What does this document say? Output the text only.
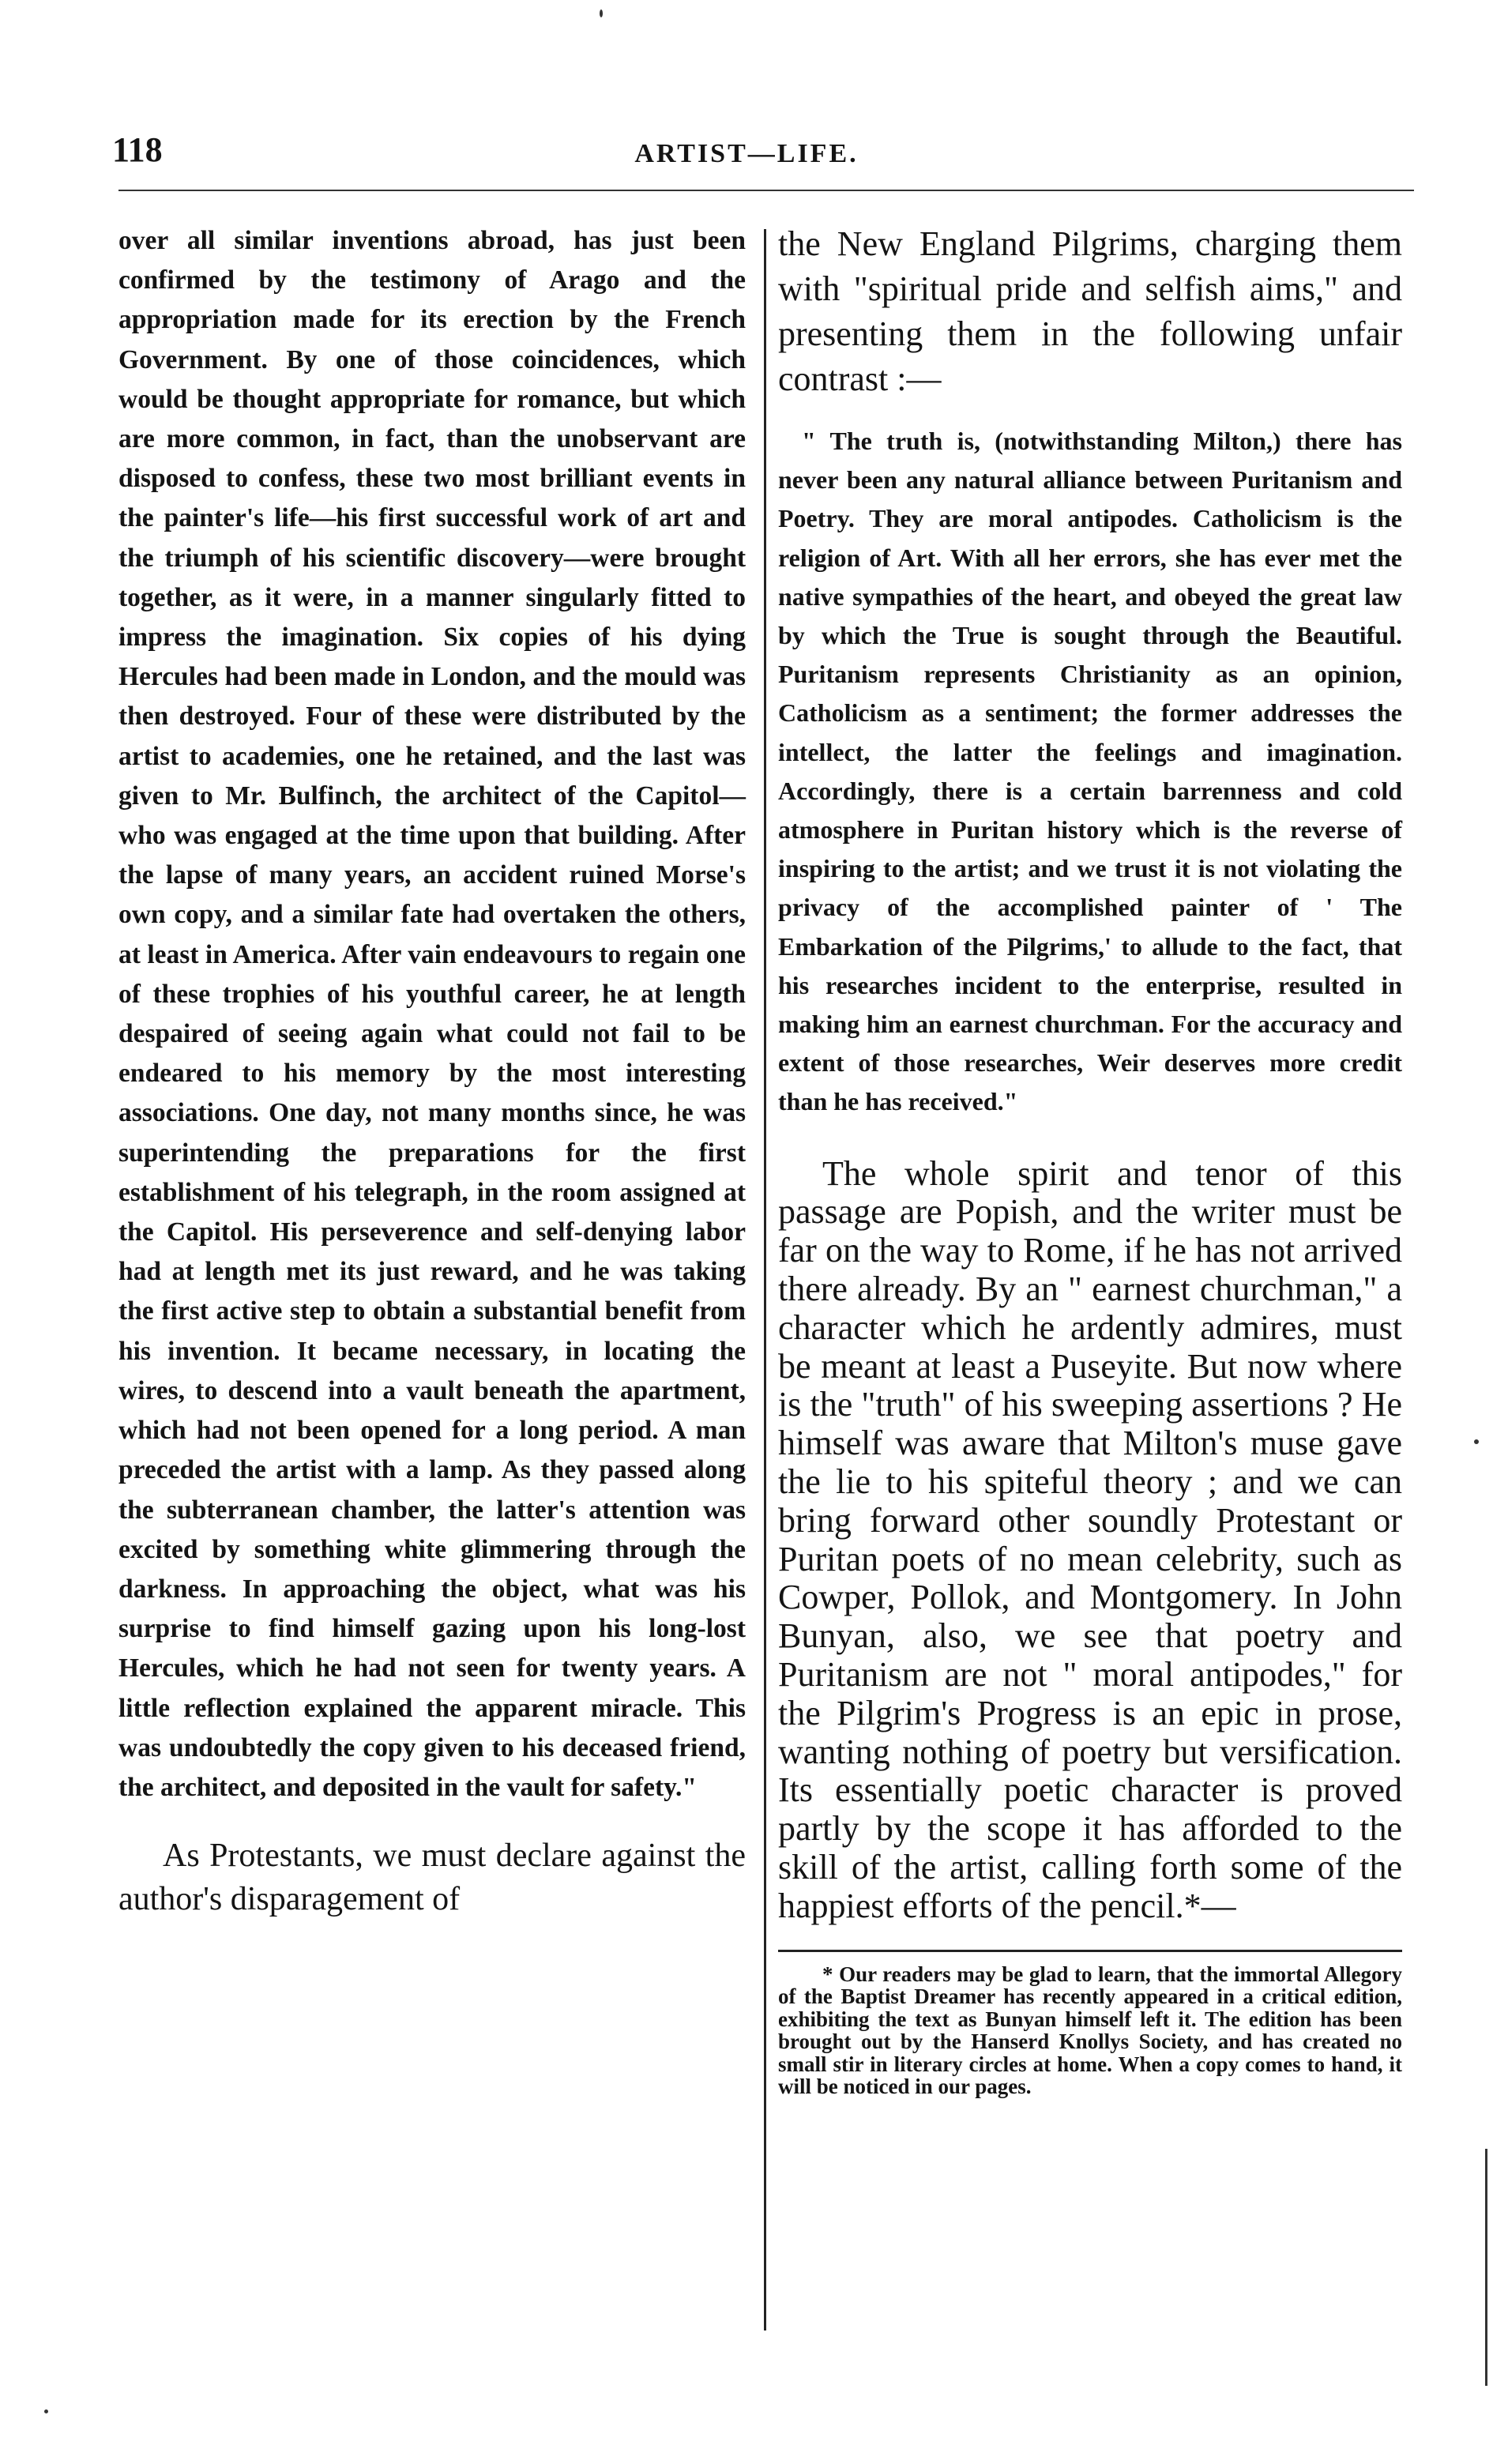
118	ARTIST—LIFE.

over all similar inventions abroad, has just been confirmed by the testimony of Arago and the appropriation made for its erection by the French Government. By one of those coincidences, which would be thought appropriate for romance, but which are more common, in fact, than the unobservant are disposed to confess, these two most brilliant events in the painter's life—his first successful work of art and the triumph of his scientific discovery—were brought together, as it were, in a manner singularly fitted to impress the imagination. Six copies of his dying Hercules had been made in London, and the mould was then destroyed. Four of these were distributed by the artist to academies, one he retained, and the last was given to Mr. Bulfinch, the architect of the Capitol—who was engaged at the time upon that building. After the lapse of many years, an accident ruined Morse's own copy, and a similar fate had overtaken the others, at least in America. After vain endeavours to regain one of these trophies of his youthful career, he at length despaired of seeing again what could not fail to be endeared to his memory by the most interesting associations. One day, not many months since, he was superintending the preparations for the first establishment of his telegraph, in the room assigned at the Capitol. His perseverence and self-denying labor had at length met its just reward, and he was taking the first active step to obtain a substantial benefit from his invention. It became necessary, in locating the wires, to descend into a vault beneath the apartment, which had not been opened for a long period. A man preceded the artist with a lamp. As they passed along the subterranean chamber, the latter's attention was excited by something white glimmering through the darkness. In approaching the object, what was his surprise to find himself gazing upon his long-lost Hercules, which he had not seen for twenty years. A little reflection explained the apparent miracle. This was undoubtedly the copy given to his deceased friend, the architect, and deposited in the vault for safety."

As Protestants, we must declare against the author's disparagement of

the New England Pilgrims, charging them with "spiritual pride and selfish aims," and presenting them in the following unfair contrast :—

" The truth is, (notwithstanding Milton,) there has never been any natural alliance between Puritanism and Poetry. They are moral antipodes. Catholicism is the religion of Art. With all her errors, she has ever met the native sympathies of the heart, and obeyed the great law by which the True is sought through the Beautiful. Puritanism represents Christianity as an opinion, Catholicism as a sentiment; the former addresses the intellect, the latter the feelings and imagination. Accordingly, there is a certain barrenness and cold atmosphere in Puritan history which is the reverse of inspiring to the artist; and we trust it is not violating the privacy of the accomplished painter of ' The Embarkation of the Pilgrims,' to allude to the fact, that his researches incident to the enterprise, resulted in making him an earnest churchman. For the accuracy and extent of those researches, Weir deserves more credit than he has received."

The whole spirit and tenor of this passage are Popish, and the writer must be far on the way to Rome, if he has not arrived there already. By an " earnest churchman," a character which he ardently admires, must be meant at least a Puseyite. But now where is the "truth" of his sweeping assertions ? He himself was aware that Milton's muse gave the lie to his spiteful theory ; and we can bring forward other soundly Protestant or Puritan poets of no mean celebrity, such as Cowper, Pollok, and Montgomery. In John Bunyan, also, we see that poetry and Puritanism are not " moral antipodes," for the Pilgrim's Progress is an epic in prose, wanting nothing of poetry but versification. Its essentially poetic character is proved partly by the scope it has afforded to the skill of the artist, calling forth some of the happiest efforts of the pencil.*—

* Our readers may be glad to learn, that the immortal Allegory of the Baptist Dreamer has recently appeared in a critical edition, exhibiting the text as Bunyan himself left it. The edition has been brought out by the Hanserd Knollys Society, and has created no small stir in literary circles at home. When a copy comes to hand, it will be noticed in our pages.
